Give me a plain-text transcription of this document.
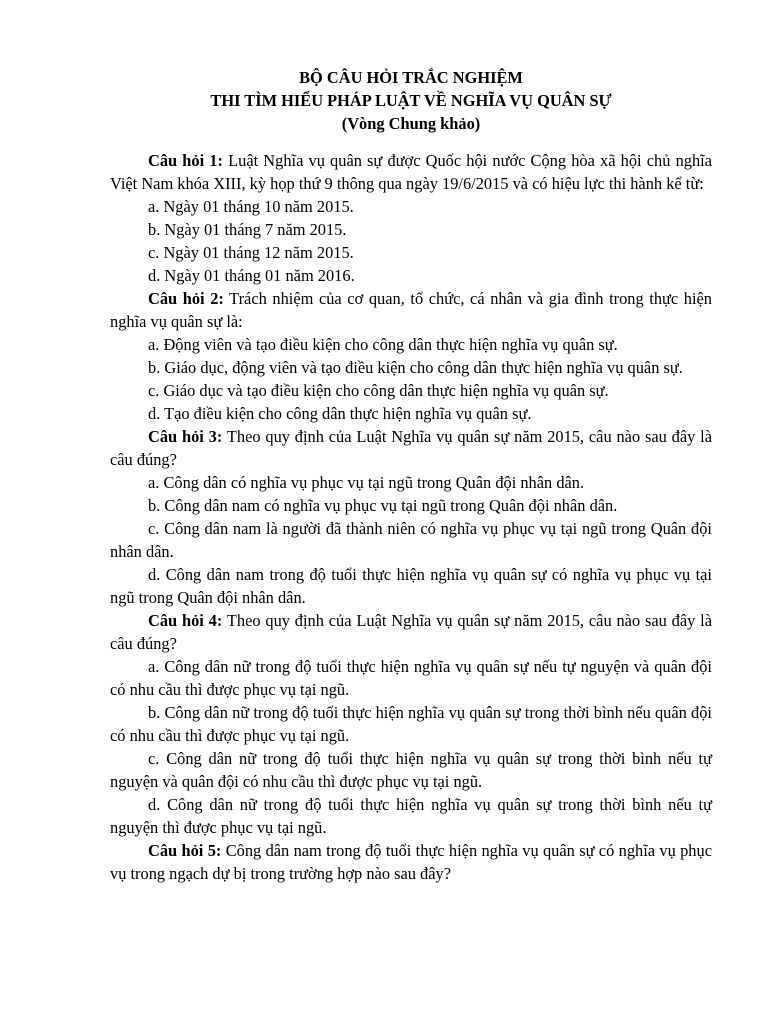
BỘ CÂU HỎI TRẮC NGHIỆM
THI TÌM HIỂU PHÁP LUẬT VỀ NGHĨA VỤ QUÂN SỰ
(Vòng Chung khảo)

Câu hỏi 1: Luật Nghĩa vụ quân sự được Quốc hội nước Cộng hòa xã hội chủ nghĩa Việt Nam khóa XIII, kỳ họp thứ 9 thông qua ngày 19/6/2015 và có hiệu lực thi hành kể từ:

a. Ngày 01 tháng 10 năm 2015.

b. Ngày 01 tháng 7 năm 2015.

c. Ngày 01 tháng 12 năm 2015.

d. Ngày 01 tháng 01 năm 2016.

Câu hỏi 2: Trách nhiệm của cơ quan, tổ chức, cá nhân và gia đình trong thực hiện nghĩa vụ quân sự là:

a. Động viên và tạo điều kiện cho công dân thực hiện nghĩa vụ quân sự.

b. Giáo dục, động viên và tạo điều kiện cho công dân thực hiện nghĩa vụ quân sự.

c. Giáo dục và tạo điều kiện cho công dân thực hiện nghĩa vụ quân sự.

d. Tạo điều kiện cho công dân thực hiện nghĩa vụ quân sự.

Câu hỏi 3: Theo quy định của Luật Nghĩa vụ quân sự năm 2015, câu nào sau đây là câu đúng?

a. Công dân có nghĩa vụ phục vụ tại ngũ trong Quân đội nhân dân.

b. Công dân nam có nghĩa vụ phục vụ tại ngũ trong Quân đội nhân dân.

c. Công dân nam là người đã thành niên có nghĩa vụ phục vụ tại ngũ trong Quân đội nhân dân.

d. Công dân nam trong độ tuổi thực hiện nghĩa vụ quân sự có nghĩa vụ phục vụ tại ngũ trong Quân đội nhân dân.

Câu hỏi 4: Theo quy định của Luật Nghĩa vụ quân sự năm 2015, câu nào sau đây là câu đúng?

a. Công dân nữ trong độ tuổi thực hiện nghĩa vụ quân sự nếu tự nguyện và quân đội có nhu cầu thì được phục vụ tại ngũ.

b. Công dân nữ trong độ tuổi thực hiện nghĩa vụ quân sự trong thời bình nếu quân đội có nhu cầu thì được phục vụ tại ngũ.

c. Công dân nữ trong độ tuổi thực hiện nghĩa vụ quân sự trong thời bình nếu tự nguyện và quân đội có nhu cầu thì được phục vụ tại ngũ.

d. Công dân nữ trong độ tuổi thực hiện nghĩa vụ quân sự trong thời bình nếu tự nguyện thì được phục vụ tại ngũ.

Câu hỏi 5: Công dân nam trong độ tuổi thực hiện nghĩa vụ quân sự có nghĩa vụ phục vụ trong ngạch dự bị trong trường hợp nào sau đây?
